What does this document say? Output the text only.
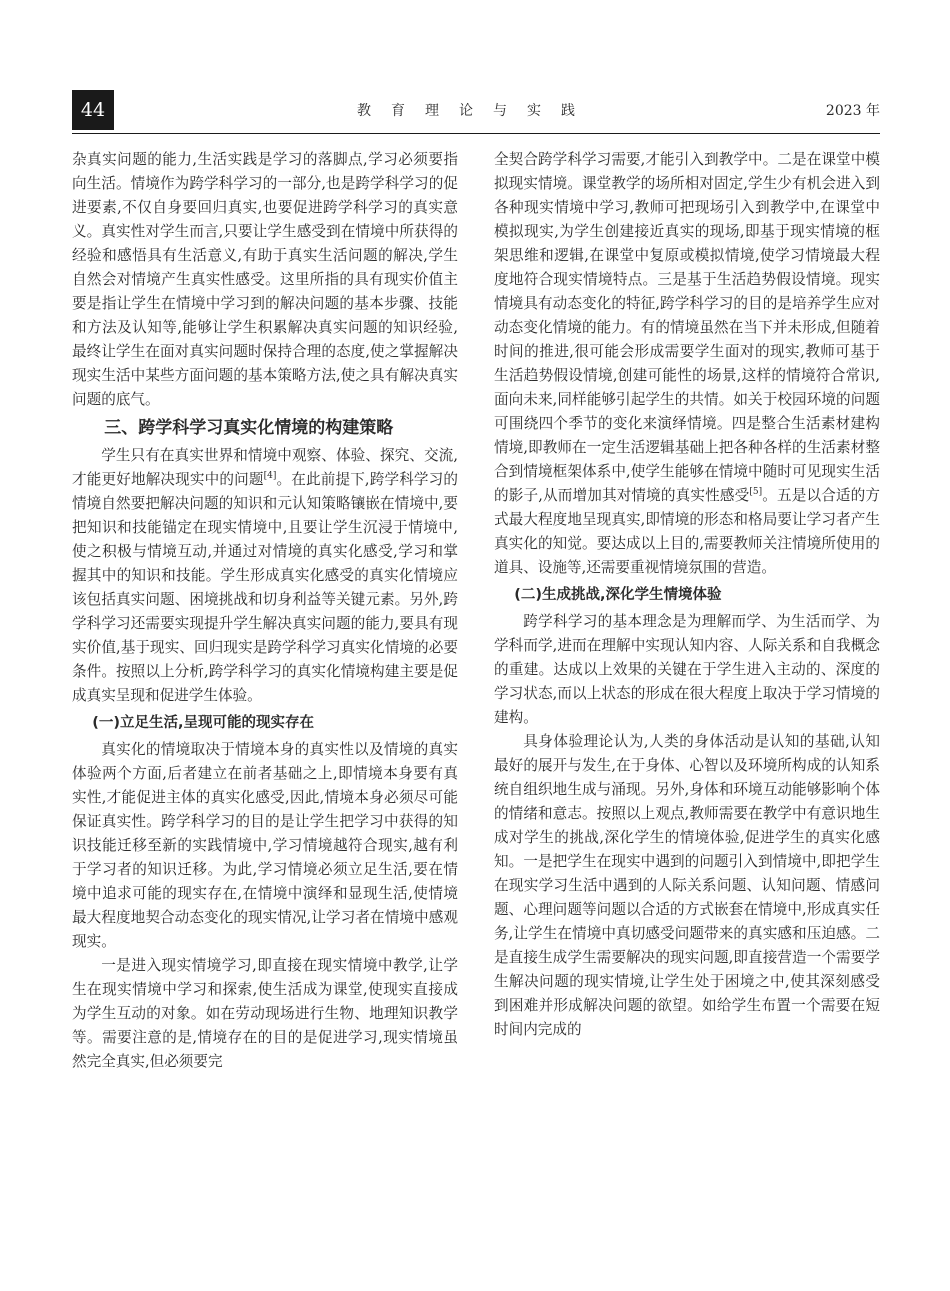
44	教育理论与实践	2023 年

杂真实问题的能力,生活实践是学习的落脚点,学习必须要指向生活。情境作为跨学科学习的一部分,也是跨学科学习的促进要素,不仅自身要回归真实,也要促进跨学科学习的真实意义。真实性对学生而言,只要让学生感受到在情境中所获得的经验和感悟具有生活意义,有助于真实生活问题的解决,学生自然会对情境产生真实性感受。这里所指的具有现实价值主要是指让学生在情境中学习到的解决问题的基本步骤、技能和方法及认知等,能够让学生积累解决真实问题的知识经验,最终让学生在面对真实问题时保持合理的态度,使之掌握解决现实生活中某些方面问题的基本策略方法,使之具有解决真实问题的底气。

三、跨学科学习真实化情境的构建策略

学生只有在真实世界和情境中观察、体验、探究、交流,才能更好地解决现实中的问题[4]。在此前提下,跨学科学习的情境自然要把解决问题的知识和元认知策略镶嵌在情境中,要把知识和技能锚定在现实情境中,且要让学生沉浸于情境中,使之积极与情境互动,并通过对情境的真实化感受,学习和掌握其中的知识和技能。学生形成真实化感受的真实化情境应该包括真实问题、困境挑战和切身利益等关键元素。另外,跨学科学习还需要实现提升学生解决真实问题的能力,要具有现实价值,基于现实、回归现实是跨学科学习真实化情境的必要条件。按照以上分析,跨学科学习的真实化情境构建主要是促成真实呈现和促进学生体验。

(一)立足生活,呈现可能的现实存在

真实化的情境取决于情境本身的真实性以及情境的真实体验两个方面,后者建立在前者基础之上,即情境本身要有真实性,才能促进主体的真实化感受,因此,情境本身必须尽可能保证真实性。跨学科学习的目的是让学生把学习中获得的知识技能迁移至新的实践情境中,学习情境越符合现实,越有利于学习者的知识迁移。为此,学习情境必须立足生活,要在情境中追求可能的现实存在,在情境中演绎和显现生活,使情境最大程度地契合动态变化的现实情况,让学习者在情境中感观现实。

一是进入现实情境学习,即直接在现实情境中教学,让学生在现实情境中学习和探索,使生活成为课堂,使现实直接成为学生互动的对象。如在劳动现场进行生物、地理知识教学等。需要注意的是,情境存在的目的是促进学习,现实情境虽然完全真实,但必须要完

全契合跨学科学习需要,才能引入到教学中。二是在课堂中模拟现实情境。课堂教学的场所相对固定,学生少有机会进入到各种现实情境中学习,教师可把现场引入到教学中,在课堂中模拟现实,为学生创建接近真实的现场,即基于现实情境的框架思维和逻辑,在课堂中复原或模拟情境,使学习情境最大程度地符合现实情境特点。三是基于生活趋势假设情境。现实情境具有动态变化的特征,跨学科学习的目的是培养学生应对动态变化情境的能力。有的情境虽然在当下并未形成,但随着时间的推进,很可能会形成需要学生面对的现实,教师可基于生活趋势假设情境,创建可能性的场景,这样的情境符合常识,面向未来,同样能够引起学生的共情。如关于校园环境的问题可围绕四个季节的变化来演绎情境。四是整合生活素材建构情境,即教师在一定生活逻辑基础上把各种各样的生活素材整合到情境框架体系中,使学生能够在情境中随时可见现实生活的影子,从而增加其对情境的真实性感受[5]。五是以合适的方式最大程度地呈现真实,即情境的形态和格局要让学习者产生真实化的知觉。要达成以上目的,需要教师关注情境所使用的道具、设施等,还需要重视情境氛围的营造。

(二)生成挑战,深化学生情境体验

跨学科学习的基本理念是为理解而学、为生活而学、为学科而学,进而在理解中实现认知内容、人际关系和自我概念的重建。达成以上效果的关键在于学生进入主动的、深度的学习状态,而以上状态的形成在很大程度上取决于学习情境的建构。

具身体验理论认为,人类的身体活动是认知的基础,认知最好的展开与发生,在于身体、心智以及环境所构成的认知系统自组织地生成与涌现。另外,身体和环境互动能够影响个体的情绪和意志。按照以上观点,教师需要在教学中有意识地生成对学生的挑战,深化学生的情境体验,促进学生的真实化感知。一是把学生在现实中遇到的问题引入到情境中,即把学生在现实学习生活中遇到的人际关系问题、认知问题、情感问题、心理问题等问题以合适的方式嵌套在情境中,形成真实任务,让学生在情境中真切感受问题带来的真实感和压迫感。二是直接生成学生需要解决的现实问题,即直接营造一个需要学生解决问题的现实情境,让学生处于困境之中,使其深刻感受到困难并形成解决问题的欲望。如给学生布置一个需要在短时间内完成的
